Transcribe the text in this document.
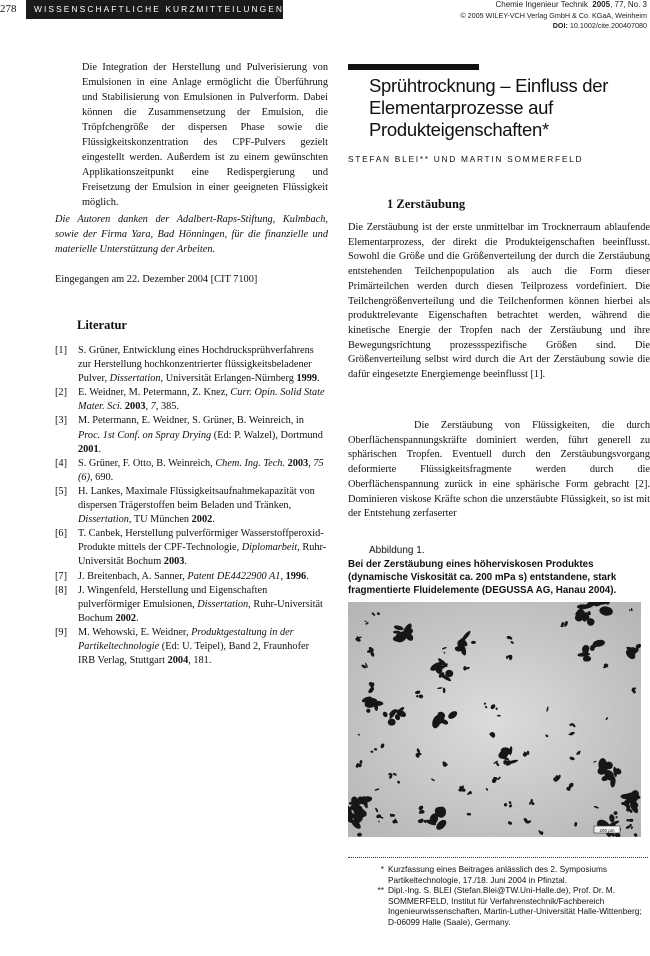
278	WISSENSCHAFTLICHE KURZMITTEILUNGEN	Chemie Ingenieur Technik 2005, 77, No. 3
© 2005 WILEY-VCH Verlag GmbH & Co. KGaA, Weinheim
DOI: 10.1002/cite.200407080
Die Integration der Herstellung und Pulverisierung von Emulsionen in eine Anlage ermöglicht die Überführung und Stabilisierung von Emulsionen in Pulverform. Dabei können die Zusammensetzung der Emulsion, die Tröpfchengröße der dispersen Phase sowie die Flüssigkeitskonzentration des CPF-Pulvers gezielt eingestellt werden. Außerdem ist zu einem gewünschten Applikationszeitpunkt eine Redispergierung und Freisetzung der Emulsion in einer geeigneten Flüssigkeit möglich.
Die Autoren danken der Adalbert-Raps-Stiftung, Kulmbach, sowie der Firma Yara, Bad Hönningen, für die finanzielle und materielle Unterstützung der Arbeiten.
Eingegangen am 22. Dezember 2004 [CIT 7100]
Literatur
[1] S. Grüner, Entwicklung eines Hochdrucksprühverfahrens zur Herstellung hochkonzentrierter flüssigkeitsbeladener Pulver, Dissertation, Universität Erlangen-Nürnberg 1999.
[2] E. Weidner, M. Petermann, Z. Knez, Curr. Opin. Solid State Mater. Sci. 2003, 7, 385.
[3] M. Petermann, E. Weidner, S. Grüner, B. Weinreich, in Proc. 1st Conf. on Spray Drying (Ed: P. Walzel), Dortmund 2001.
[4] S. Grüner, F. Otto, B. Weinreich, Chem. Ing. Tech. 2003, 75 (6), 690.
[5] H. Lankes, Maximale Flüssigkeitsaufnahmekapazität von dispersen Trägerstoffen beim Beladen und Tränken, Dissertation, TU München 2002.
[6] T. Canbek, Herstellung pulverförmiger Wasserstoffperoxid-Produkte mittels der CPF-Technologie, Diplomarbeit, Ruhr-Universität Bochum 2003.
[7] J. Breitenbach, A. Sanner, Patent DE4422900 A1, 1996.
[8] J. Wingenfeld, Herstellung und Eigenschaften pulverförmiger Emulsionen, Dissertation, Ruhr-Universität Bochum 2002.
[9] M. Wehowski, E. Weidner, Produktgestaltung in der Partikeltechnologie (Ed: U. Teipel), Band 2, Fraunhofer IRB Verlag, Stuttgart 2004, 181.
Sprühtrocknung – Einfluss der Elementarprozesse auf Produkteigenschaften*
STEFAN BLEI** UND MARTIN SOMMERFELD
1 Zerstäubung
Die Zerstäubung ist der erste unmittelbar im Trocknerraum ablaufende Elementarprozess, der direkt die Produkteigenschaften beeinflusst. Sowohl die Größe und die Größenverteilung der durch die Zerstäubung entstehenden Teilchenpopulation als auch die Form dieser Primärteilchen werden durch diesen Teilprozess vordefiniert. Die Teilchengrößenverteilung und die Teilchenformen können hierbei als produktrelevante Eigenschaften betrachtet werden, während die kinetische Energie der Tropfen nach der Zerstäubung und ihre Bewegungsrichtung prozessspezifische Größen sind. Die Größenverteilung selbst wird durch die Art der Zerstäubung sowie die dafür eingesetzte Energiemenge beeinflusst [1].
Die Zerstäubung von Flüssigkeiten, die durch Oberflächenspannungskräfte dominiert werden, führt generell zu sphärischen Tropfen. Eventuell durch den Zerstäubungsvorgang deformierte Flüssigkeitsfragmente werden durch die Oberflächenspannung zurück in eine sphärische Form gebracht [2]. Dominieren viskose Kräfte schon die unzerstäubte Flüssigkeit, so ist mit der Entstehung zerfaserter
Abbildung 1.
Bei der Zerstäubung eines höherviskosen Produktes (dynamische Viskosität ca. 200 mPa s) entstandene, stark fragmentierte Fluidelemente (DEGUSSA AG, Hanau 2004).
200 µm
* Kurzfassung eines Beitrages anlässlich des 2. Symposiums Partikeltechnologie, 17./18. Juni 2004 in Pfinztal.
** Dipl.-Ing. S. BLEI (Stefan.Blei@TW.Uni-Halle.de), Prof. Dr. M. SOMMERFELD, Institut für Verfahrenstechnik/Fachbereich Ingenieurwissenschaften, Martin-Luther-Universität Halle-Wittenberg; D-06099 Halle (Saale), Germany.
